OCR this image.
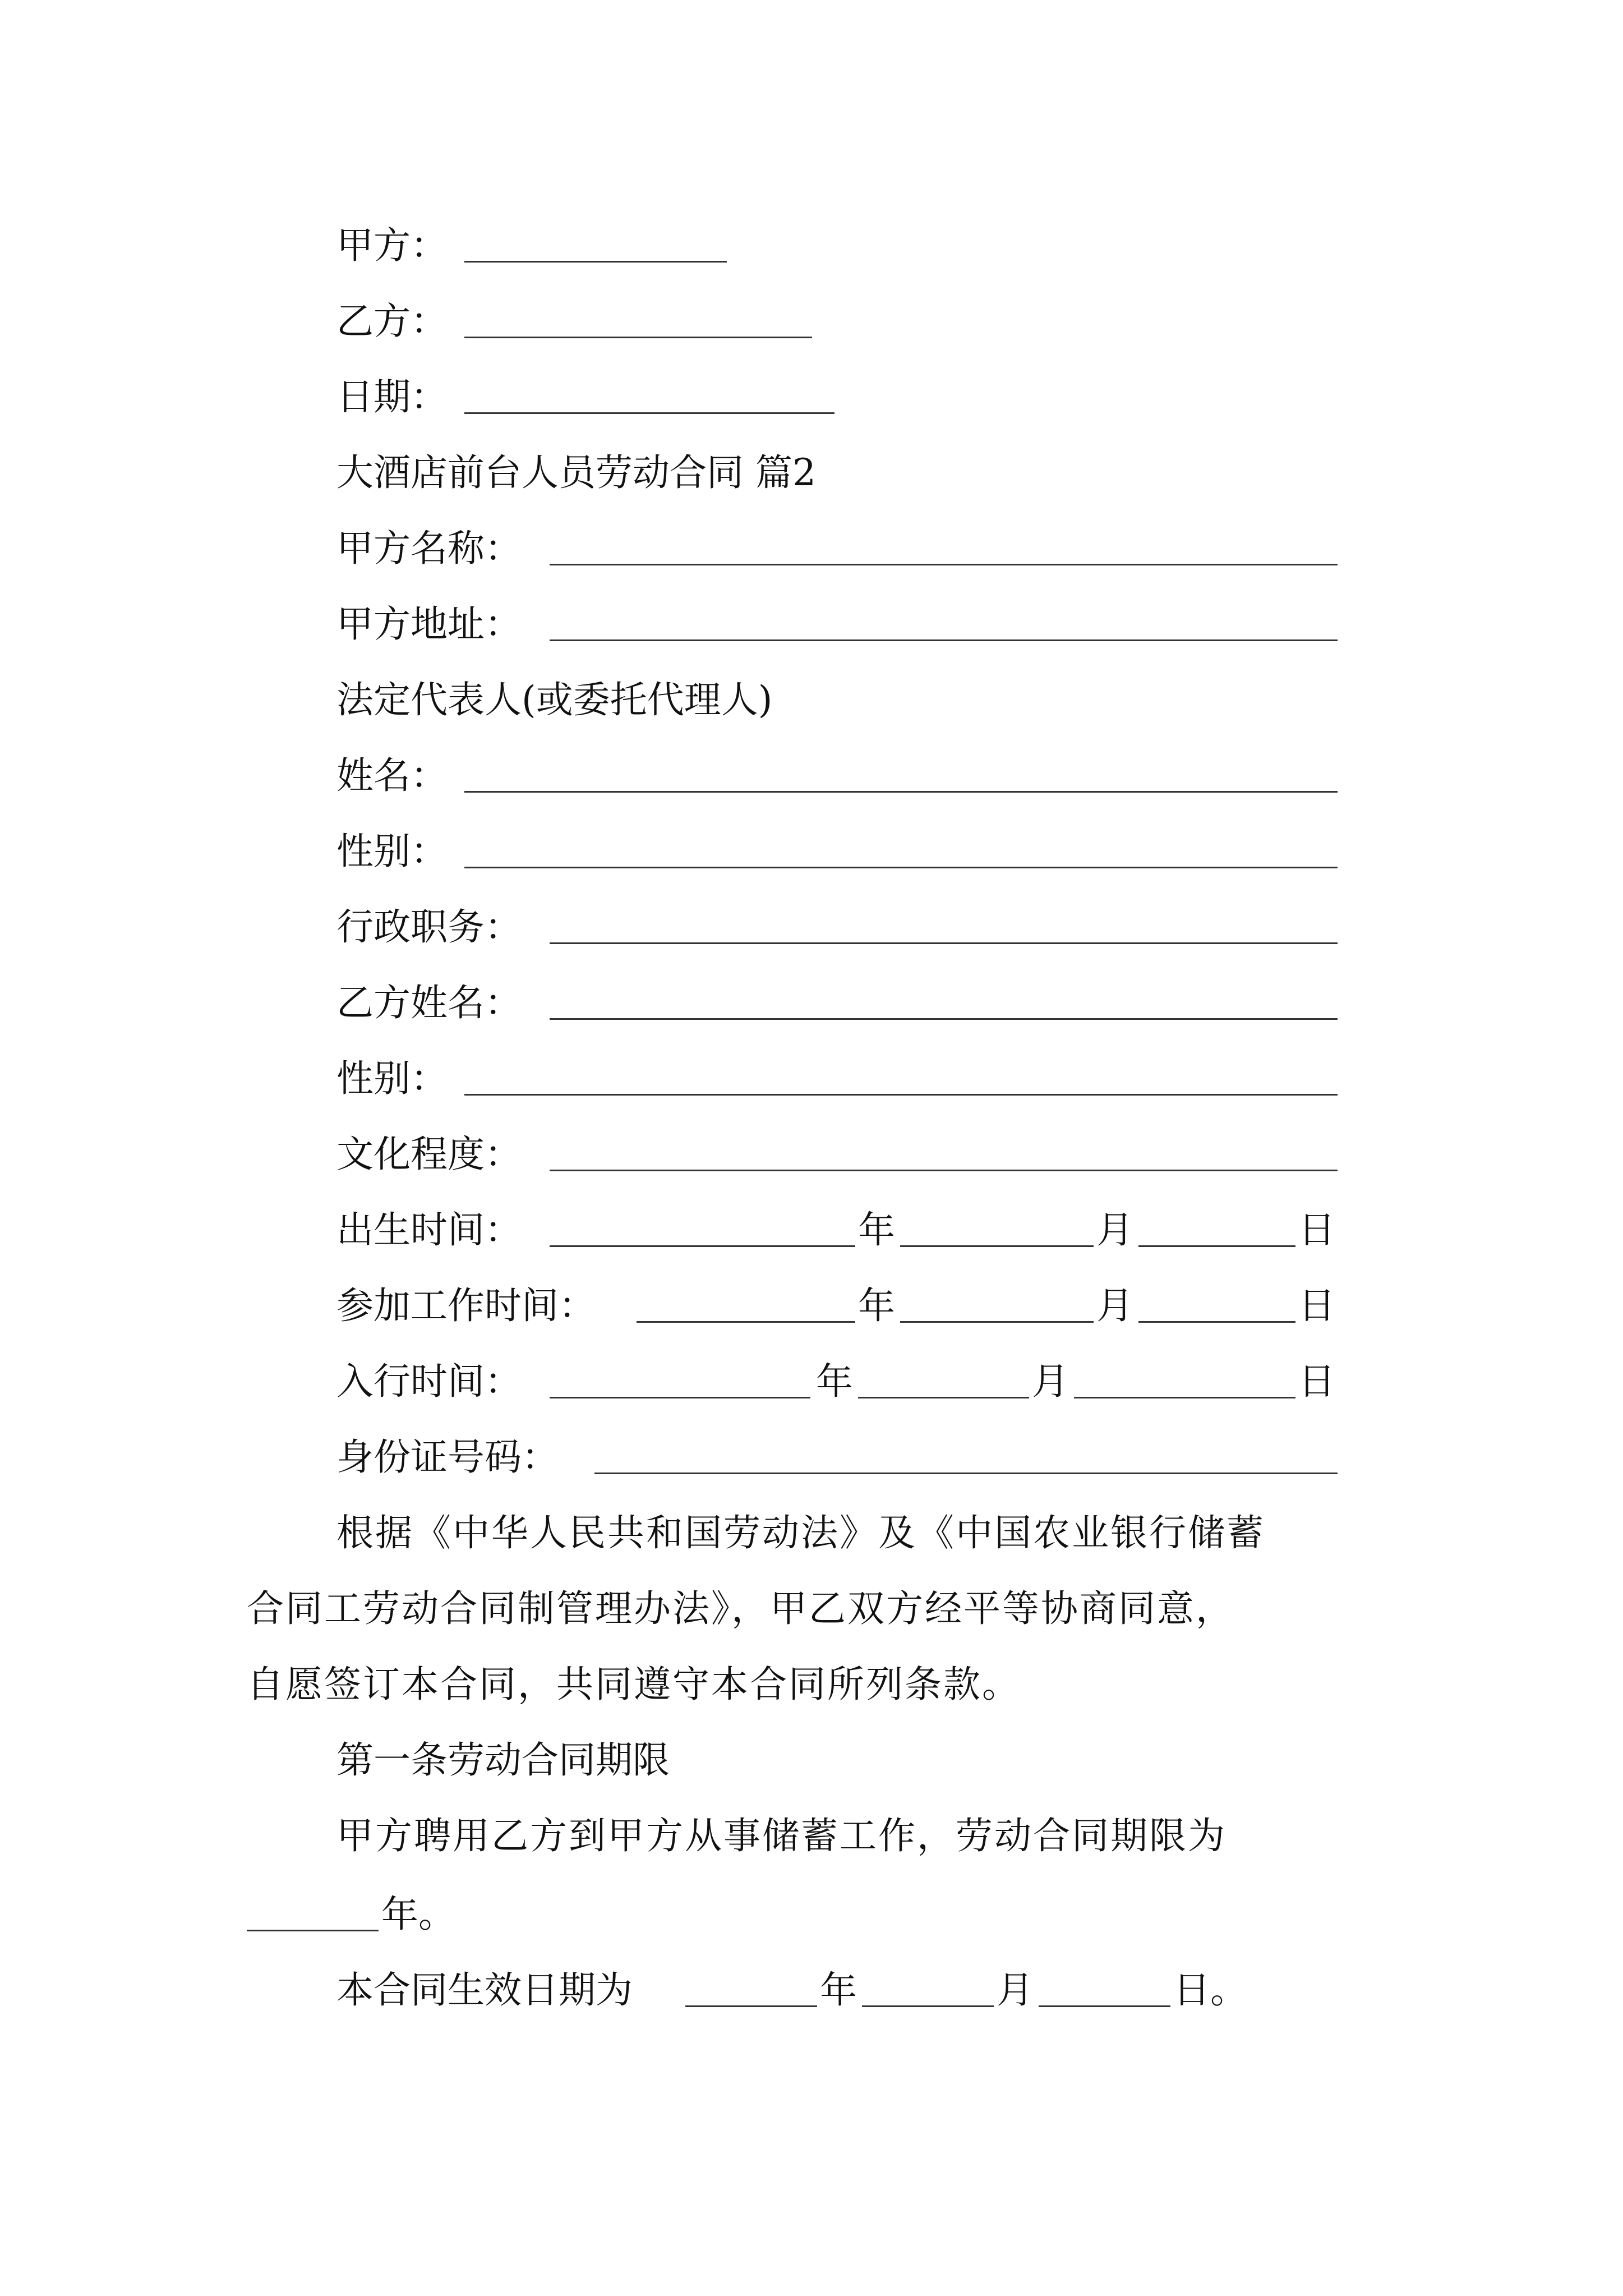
甲方：
乙方：
日期：
大酒店前台人员劳动合同 篇2
甲方名称：
甲方地址：
法定代表人(或委托代理人)
姓名：
性别：
行政职务：
乙方姓名：
性别：
文化程度：
出生时间：	年	月	日
参加工作时间：	年	月	日
入行时间：	年	月	日
身份证号码：
根据《中华人民共和国劳动法》及《中国农业银行储蓄
合同工劳动合同制管理办法》，甲乙双方经平等协商同意，
自愿签订本合同，共同遵守本合同所列条款。
第一条劳动合同期限
甲方聘用乙方到甲方从事储蓄工作，劳动合同期限为
年。
本合同生效日期为	年	月	日。
